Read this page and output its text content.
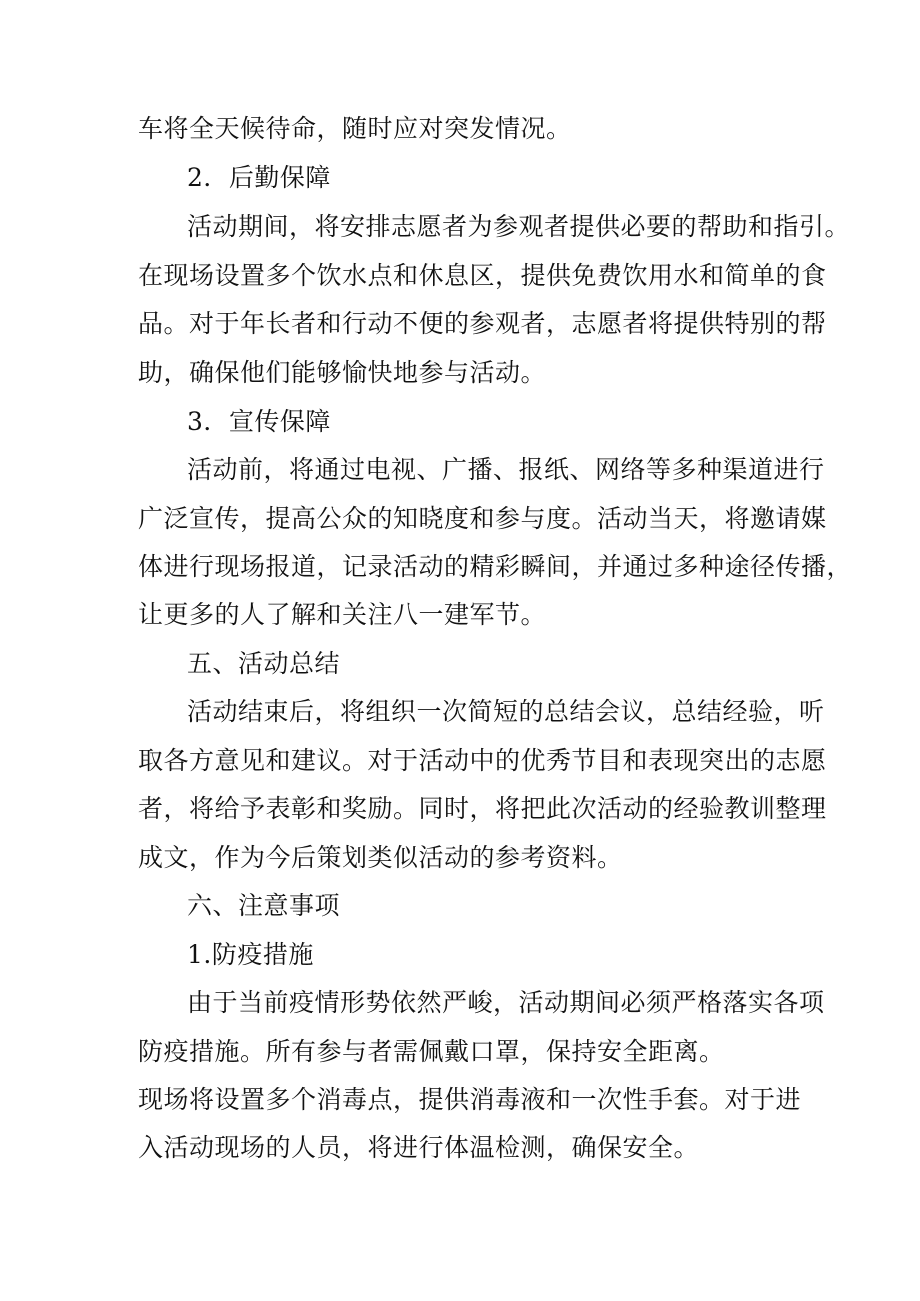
车将全天候待命，随时应对突发情况。
2．后勤保障
活动期间，将安排志愿者为参观者提供必要的帮助和指引。
在现场设置多个饮水点和休息区，提供免费饮用水和简单的食
品。对于年长者和行动不便的参观者，志愿者将提供特别的帮
助，确保他们能够愉快地参与活动。
3．宣传保障
活动前，将通过电视、广播、报纸、网络等多种渠道进行
广泛宣传，提高公众的知晓度和参与度。活动当天，将邀请媒
体进行现场报道，记录活动的精彩瞬间，并通过多种途径传播，
让更多的人了解和关注八一建军节。
五、活动总结
活动结束后，将组织一次简短的总结会议，总结经验，听
取各方意见和建议。对于活动中的优秀节目和表现突出的志愿
者，将给予表彰和奖励。同时，将把此次活动的经验教训整理
成文，作为今后策划类似活动的参考资料。
六、注意事项
1.防疫措施
由于当前疫情形势依然严峻，活动期间必须严格落实各项
防疫措施。所有参与者需佩戴口罩，保持安全距离。
现场将设置多个消毒点，提供消毒液和一次性手套。对于进
入活动现场的人员，将进行体温检测，确保安全。
